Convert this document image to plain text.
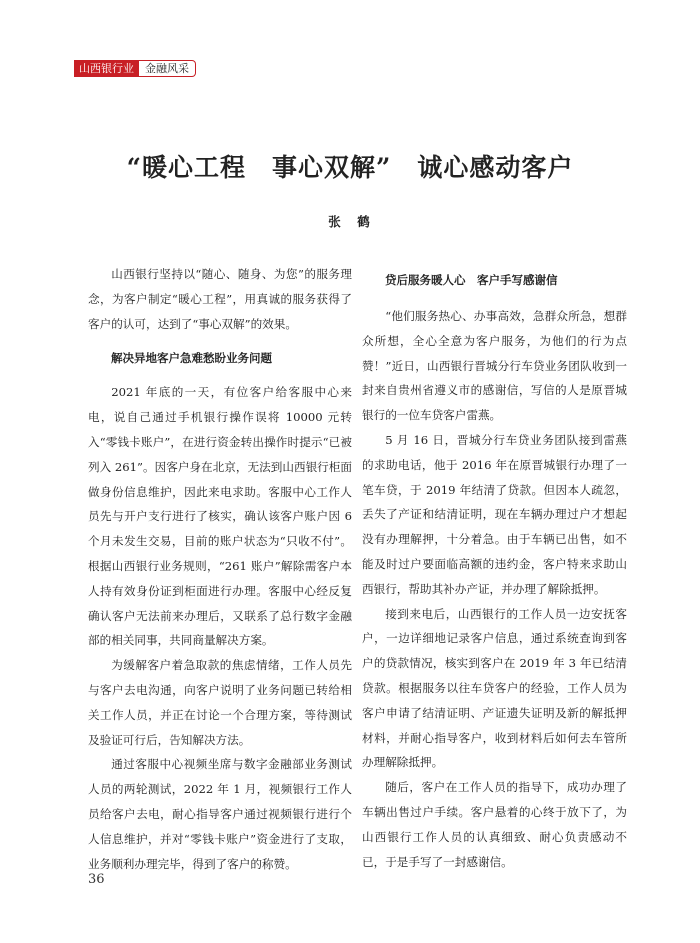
山西银行业	金融风采
“暖心工程　事心双解”　诚心感动客户
张　鹤

山西银行坚持以“随心、随身、为您”的服务理念，为客户制定“暖心工程”，用真诚的服务获得了客户的认可，达到了“事心双解”的效果。

解决异地客户急难愁盼业务问题

2021 年底的一天，有位客户给客服中心来电，说自己通过手机银行操作误将 10000 元转入“零钱卡账户”，在进行资金转出操作时提示“已被列入 261”。因客户身在北京，无法到山西银行柜面做身份信息维护，因此来电求助。客服中心工作人员先与开户支行进行了核实，确认该客户账户因 6 个月未发生交易，目前的账户状态为“只收不付”。根据山西银行业务规则，“261 账户”解除需客户本人持有效身份证到柜面进行办理。客服中心经反复确认客户无法前来办理后，又联系了总行数字金融部的相关同事，共同商量解决方案。

为缓解客户着急取款的焦虑情绪，工作人员先与客户去电沟通，向客户说明了业务问题已转给相关工作人员，并正在讨论一个合理方案，等待测试及验证可行后，告知解决方法。

通过客服中心视频坐席与数字金融部业务测试人员的两轮测试，2022 年 1 月，视频银行工作人员给客户去电，耐心指导客户通过视频银行进行个人信息维护，并对“零钱卡账户”资金进行了支取，业务顺利办理完毕，得到了客户的称赞。

贷后服务暖人心　客户手写感谢信

“他们服务热心、办事高效，急群众所急，想群众所想，全心全意为客户服务，为他们的行为点赞！”近日，山西银行晋城分行车贷业务团队收到一封来自贵州省遵义市的感谢信，写信的人是原晋城银行的一位车贷客户雷燕。

5 月 16 日，晋城分行车贷业务团队接到雷燕的求助电话，他于 2016 年在原晋城银行办理了一笔车贷，于 2019 年结清了贷款。但因本人疏忽，丢失了产证和结清证明，现在车辆办理过户才想起没有办理解押，十分着急。由于车辆已出售，如不能及时过户要面临高额的违约金，客户特来求助山西银行，帮助其补办产证，并办理了解除抵押。

接到来电后，山西银行的工作人员一边安抚客户，一边详细地记录客户信息，通过系统查询到客户的贷款情况，核实到客户在 2019 年 3 年已结清贷款。根据服务以往车贷客户的经验，工作人员为客户申请了结清证明、产证遗失证明及新的解抵押材料，并耐心指导客户，收到材料后如何去车管所办理解除抵押。

随后，客户在工作人员的指导下，成功办理了车辆出售过户手续。客户悬着的心终于放下了，为山西银行工作人员的认真细致、耐心负责感动不已，于是手写了一封感谢信。

36
